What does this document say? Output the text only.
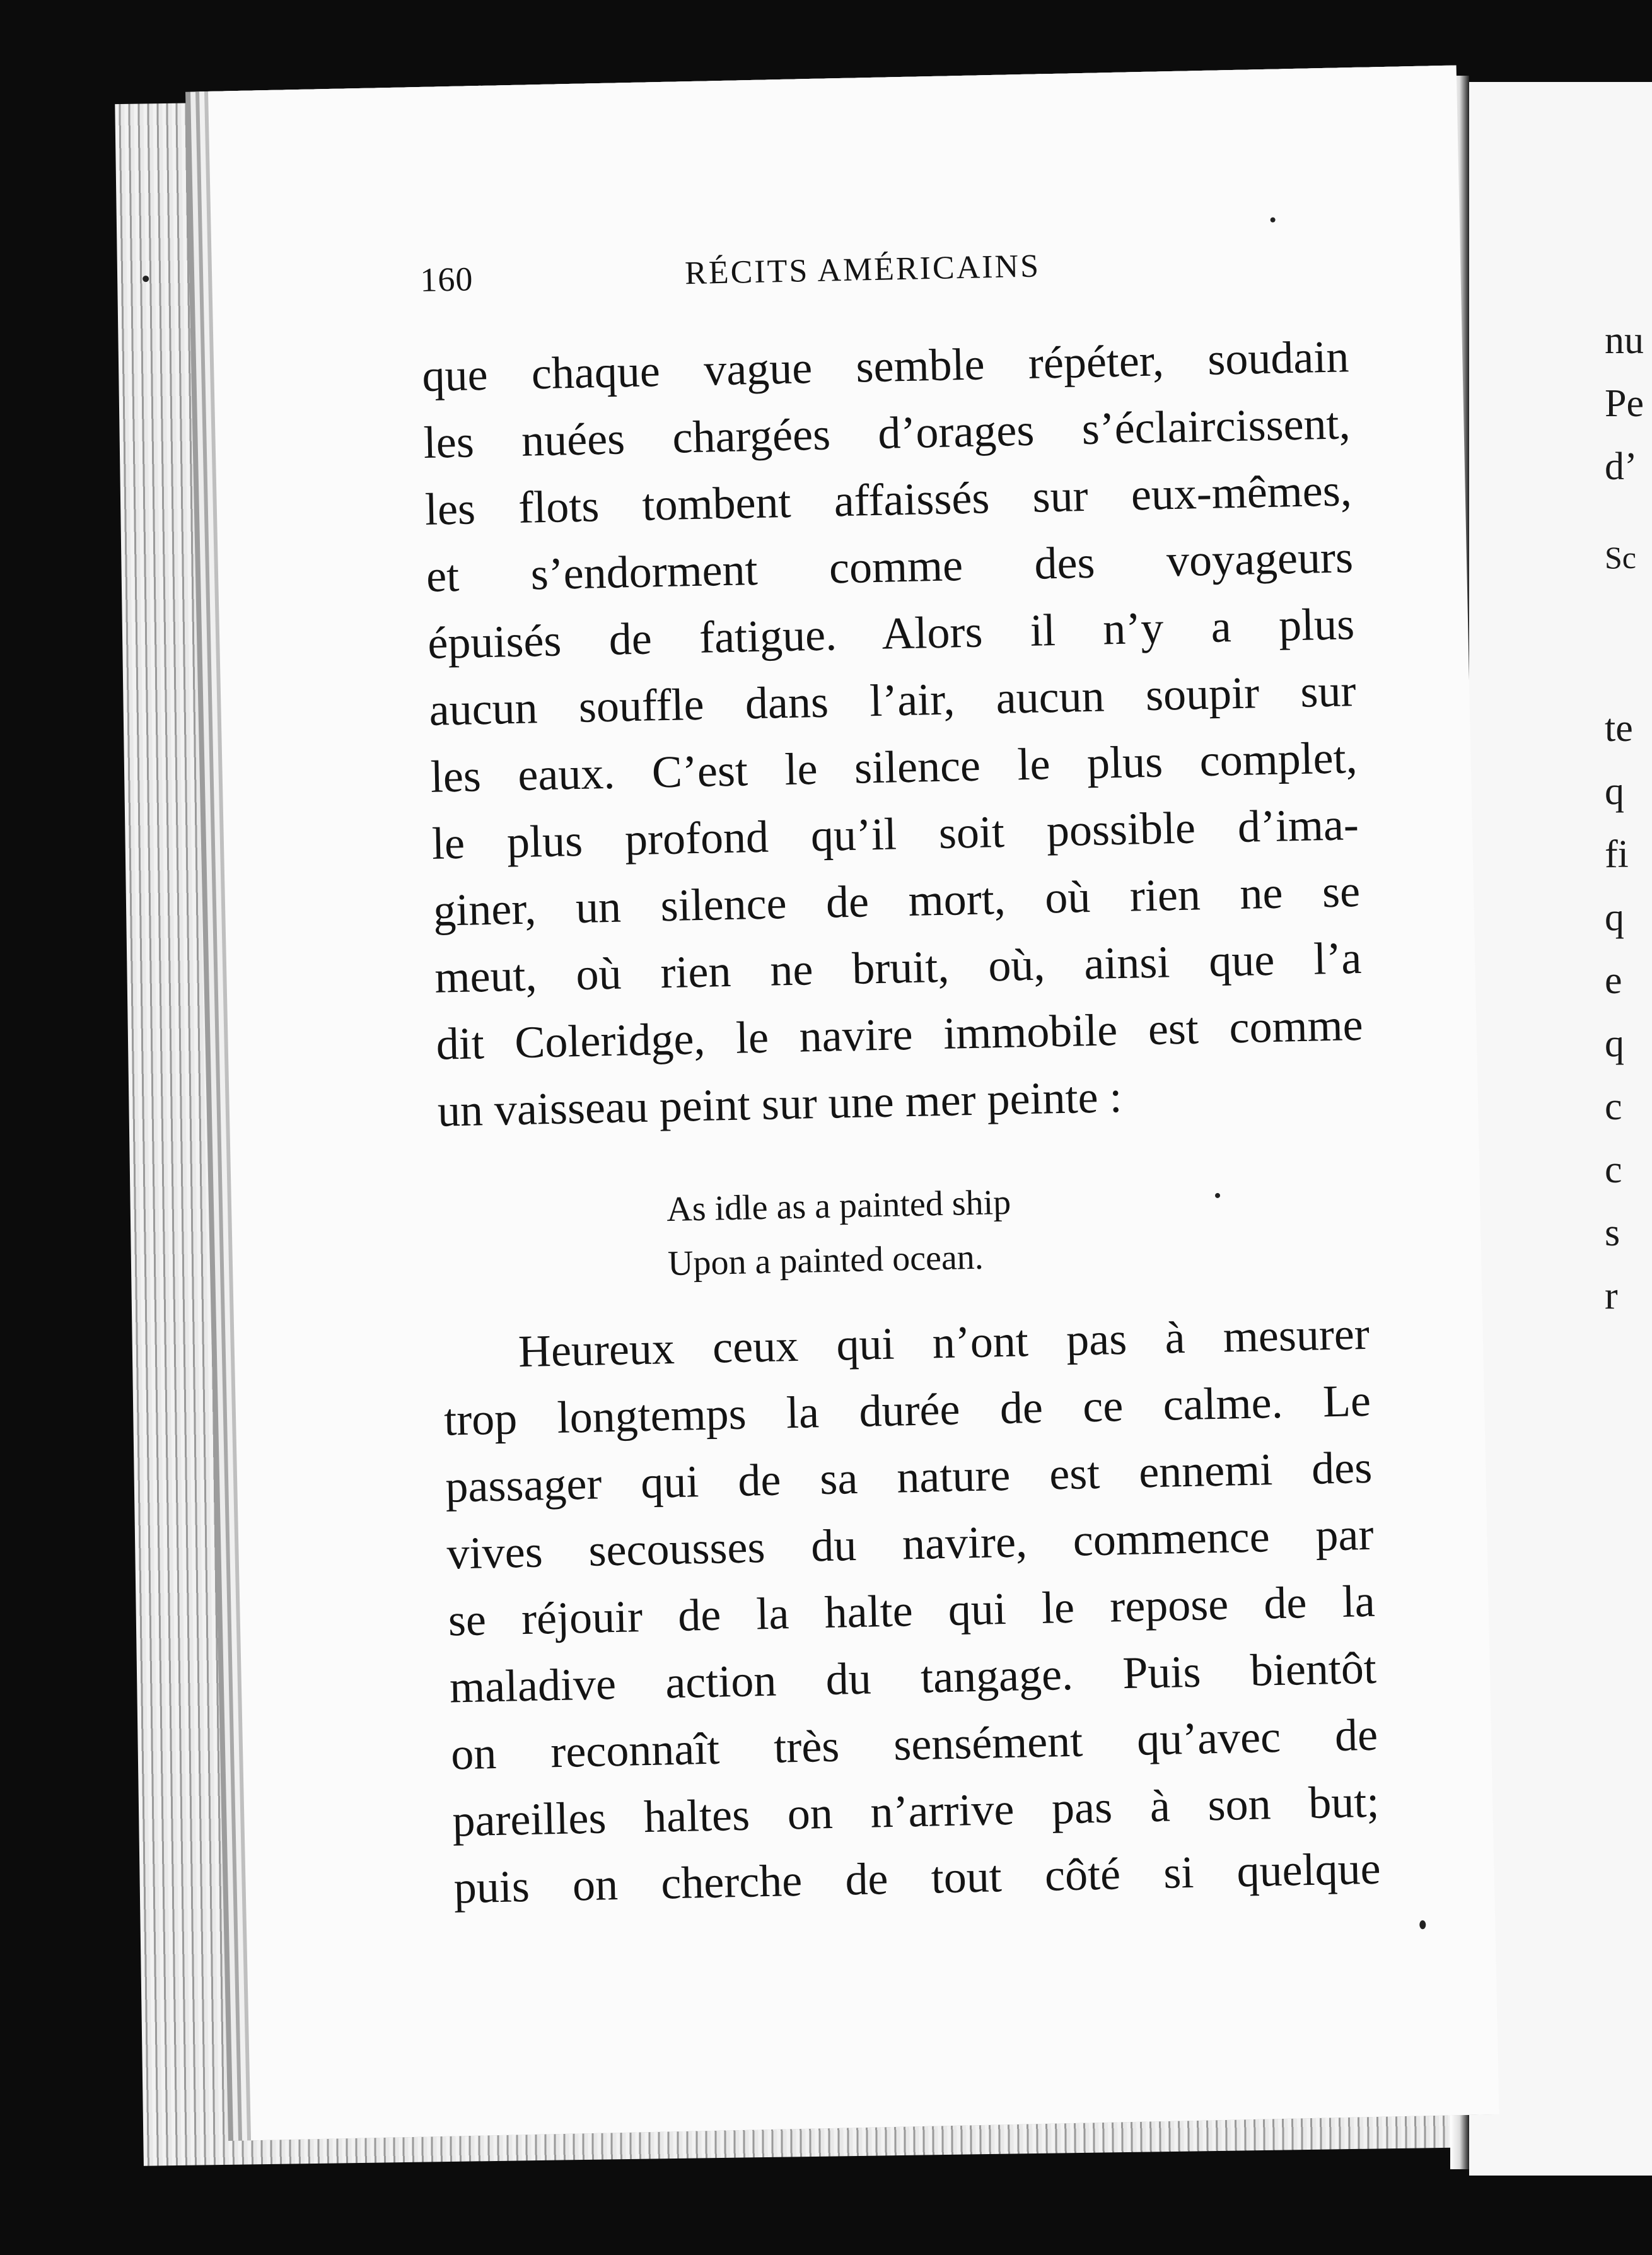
nu
Pe
d’
Sc
te
q
fi
q
e
q
c
c
s
r
160	RÉCITS AMÉRICAINS
que chaque vague semble répéter, soudain
les nuées chargées d’orages s’éclaircissent,
les flots tombent affaissés sur eux-mêmes,
et s’endorment comme des voyageurs
épuisés de fatigue. Alors il n’y a plus
aucun souffle dans l’air, aucun soupir sur
les eaux. C’est le silence le plus complet,
le plus profond qu’il soit possible d’ima-
giner, un silence de mort, où rien ne se
meut, où rien ne bruit, où, ainsi que l’a
dit Coleridge, le navire immobile est comme
un vaisseau peint sur une mer peinte :
As idle as a painted ship
Upon a painted ocean.
Heureux ceux qui n’ont pas à mesurer
trop longtemps la durée de ce calme. Le
passager qui de sa nature est ennemi des
vives secousses du navire, commence par
se réjouir de la halte qui le repose de la
maladive action du tangage. Puis bientôt
on reconnaît très sensément qu’avec de
pareilles haltes on n’arrive pas à son but;
puis on cherche de tout côté si quelque
